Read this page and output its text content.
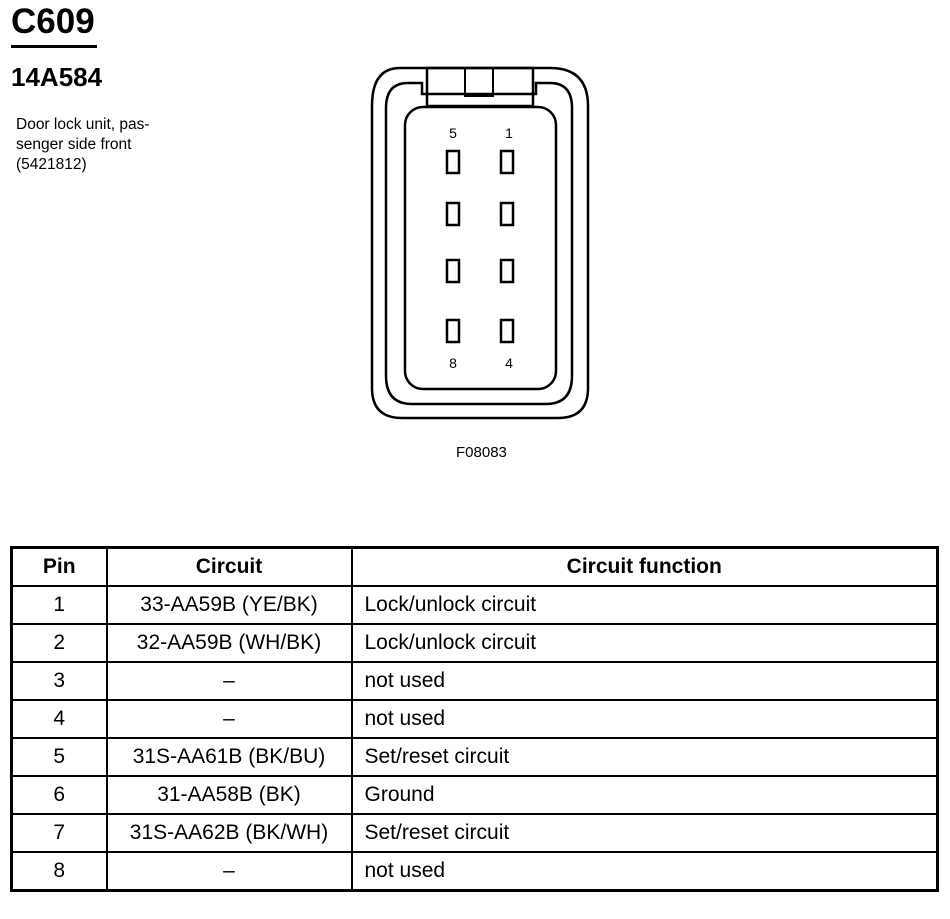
C609
14A584
Door lock unit, pas-
senger side front
(5421812)
5	1
8	4
F08083
Pin	Circuit	Circuit function
1	33-AA59B (YE/BK)	Lock/unlock circuit
2	32-AA59B (WH/BK)	Lock/unlock circuit
3	–	not used
4	–	not used
5	31S-AA61B (BK/BU)	Set/reset circuit
6	31-AA58B (BK)	Ground
7	31S-AA62B (BK/WH)	Set/reset circuit
8	–	not used
